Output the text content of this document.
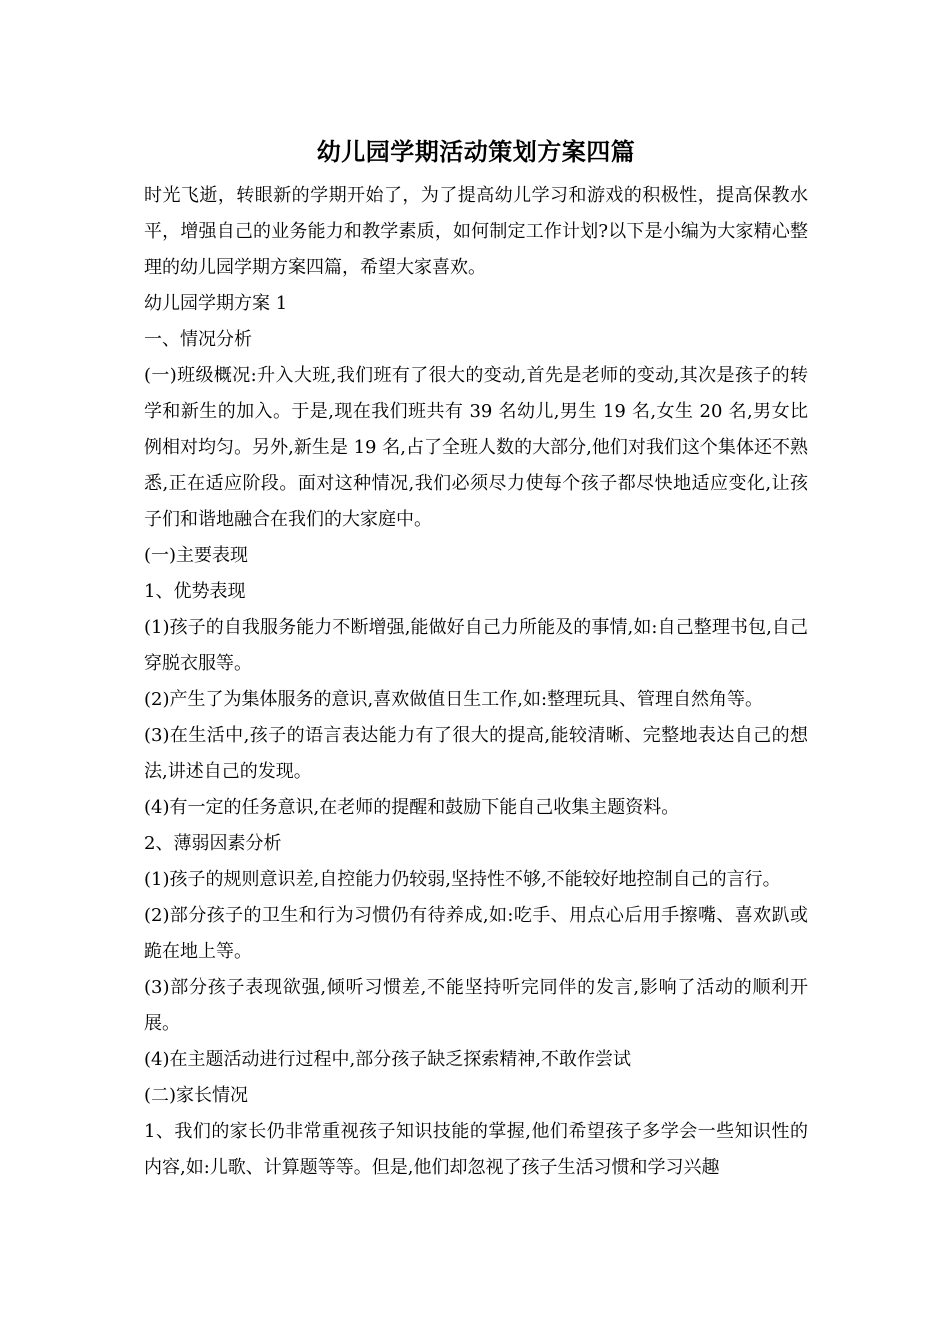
幼儿园学期活动策划方案四篇

时光飞逝，转眼新的学期开始了，为了提高幼儿学习和游戏的积极性，提高保教水平，增强自己的业务能力和教学素质，如何制定工作计划?以下是小编为大家精心整理的幼儿园学期方案四篇，希望大家喜欢。

幼儿园学期方案 1

一、情况分析

(一)班级概况:升入大班,我们班有了很大的变动,首先是老师的变动,其次是孩子的转学和新生的加入。于是,现在我们班共有 39 名幼儿,男生 19 名,女生 20 名,男女比例相对均匀。另外,新生是 19 名,占了全班人数的大部分,他们对我们这个集体还不熟悉,正在适应阶段。面对这种情况,我们必须尽力使每个孩子都尽快地适应变化,让孩子们和谐地融合在我们的大家庭中。

(一)主要表现

1、优势表现

(1)孩子的自我服务能力不断增强,能做好自己力所能及的事情,如:自己整理书包,自己穿脱衣服等。

(2)产生了为集体服务的意识,喜欢做值日生工作,如:整理玩具、管理自然角等。

(3)在生活中,孩子的语言表达能力有了很大的提高,能较清晰、完整地表达自己的想法,讲述自己的发现。

(4)有一定的任务意识,在老师的提醒和鼓励下能自己收集主题资料。

2、薄弱因素分析

(1)孩子的规则意识差,自控能力仍较弱,坚持性不够,不能较好地控制自己的言行。

(2)部分孩子的卫生和行为习惯仍有待养成,如:吃手、用点心后用手擦嘴、喜欢趴或跪在地上等。

(3)部分孩子表现欲强,倾听习惯差,不能坚持听完同伴的发言,影响了活动的顺利开展。

(4)在主题活动进行过程中,部分孩子缺乏探索精神,不敢作尝试

(二)家长情况

1、我们的家长仍非常重视孩子知识技能的掌握,他们希望孩子多学会一些知识性的内容,如:儿歌、计算题等等。但是,他们却忽视了孩子生活习惯和学习兴趣
